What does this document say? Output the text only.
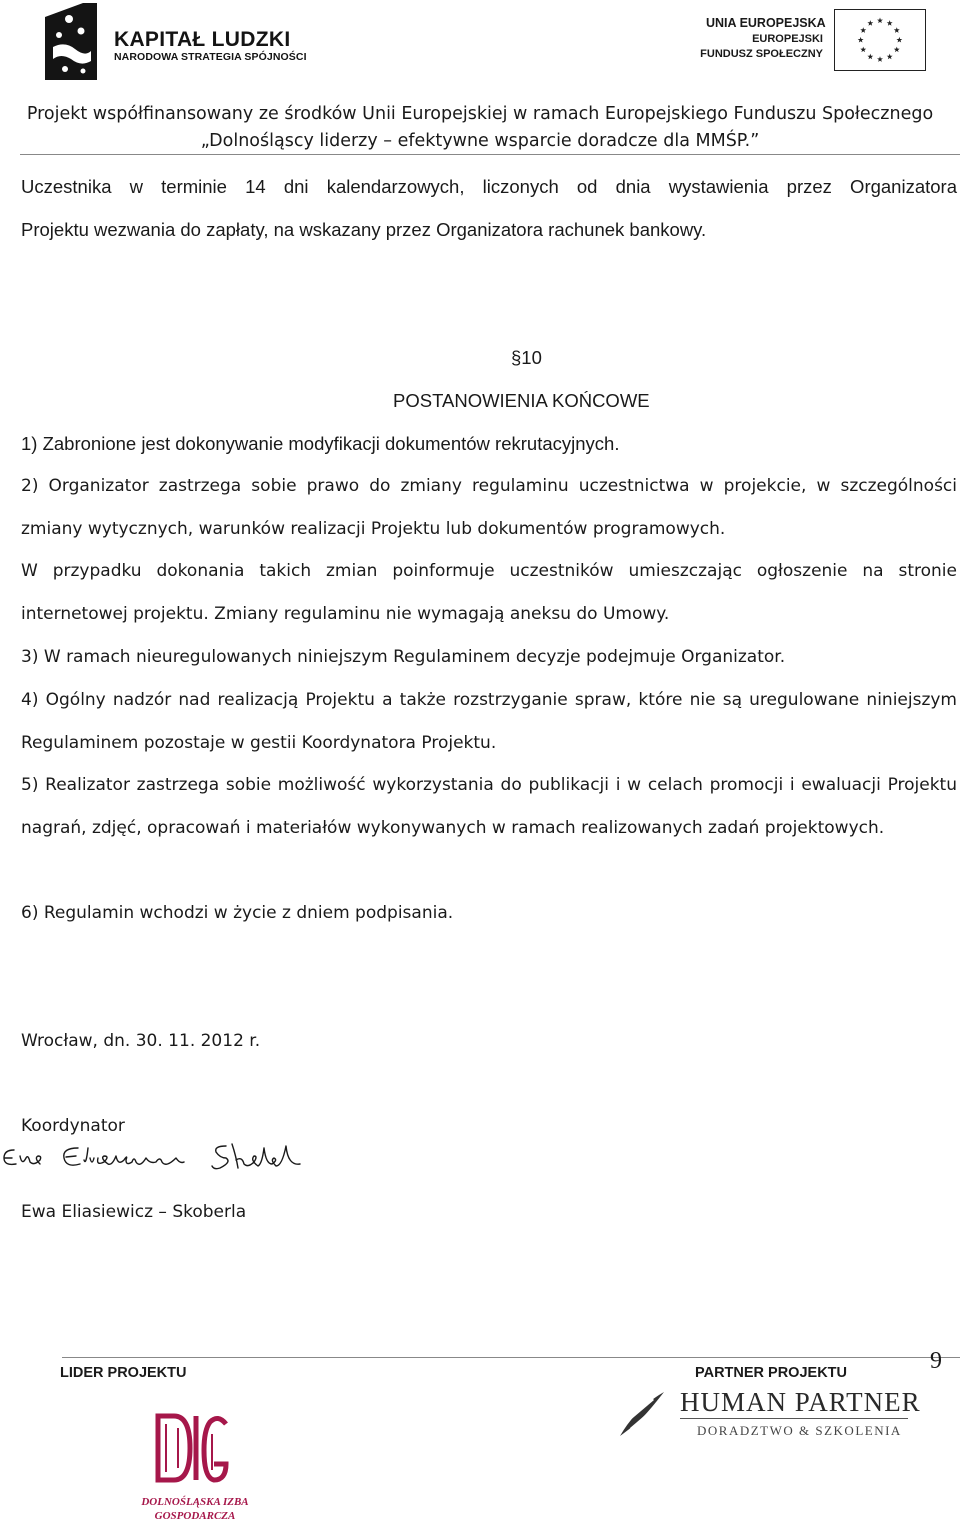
KAPITAŁ LUDZKI
NARODOWA STRATEGIA SPÓJNOŚCI
UNIA EUROPEJSKA
EUROPEJSKI
FUNDUSZ SPOŁECZNY
Projekt współfinansowany ze środków Unii Europejskiej w ramach Europejskiego Funduszu Społecznego
„Dolnośląscy liderzy – efektywne wsparcie doradcze dla MMŚP.”
Uczestnika w terminie 14 dni kalendarzowych, liczonych od dnia wystawienia przez Organizatora
Projektu wezwania do zapłaty, na wskazany przez Organizatora rachunek bankowy.
§10
POSTANOWIENIA KOŃCOWE
1) Zabronione jest dokonywanie modyfikacji dokumentów rekrutacyjnych.
2) Organizator zastrzega sobie prawo do zmiany regulaminu uczestnictwa w projekcie, w szczególności zmiany wytycznych, warunków realizacji Projektu lub dokumentów programowych.
W przypadku dokonania takich zmian poinformuje uczestników umieszczając ogłoszenie na stronie internetowej projektu. Zmiany regulaminu nie wymagają aneksu do Umowy.
3) W ramach nieuregulowanych niniejszym Regulaminem decyzje podejmuje Organizator.
4) Ogólny nadzór nad realizacją Projektu a także rozstrzyganie spraw, które nie są uregulowane niniejszym Regulaminem pozostaje w gestii Koordynatora Projektu.
5) Realizator zastrzega sobie możliwość wykorzystania do publikacji i w celach promocji i ewaluacji Projektu nagrań, zdjęć, opracowań i materiałów wykonywanych w ramach realizowanych zadań projektowych.
6) Regulamin wchodzi w życie z dniem podpisania.
Wrocław, dn. 30. 11. 2012 r.
Koordynator
Ewa Eliasiewicz – Skoberla
9
LIDER PROJEKTU	PARTNER PROJEKTU
HUMAN PARTNER
DORADZTWO & SZKOLENIA
DOLNOŚLĄSKA IZBA
GOSPODARCZA
